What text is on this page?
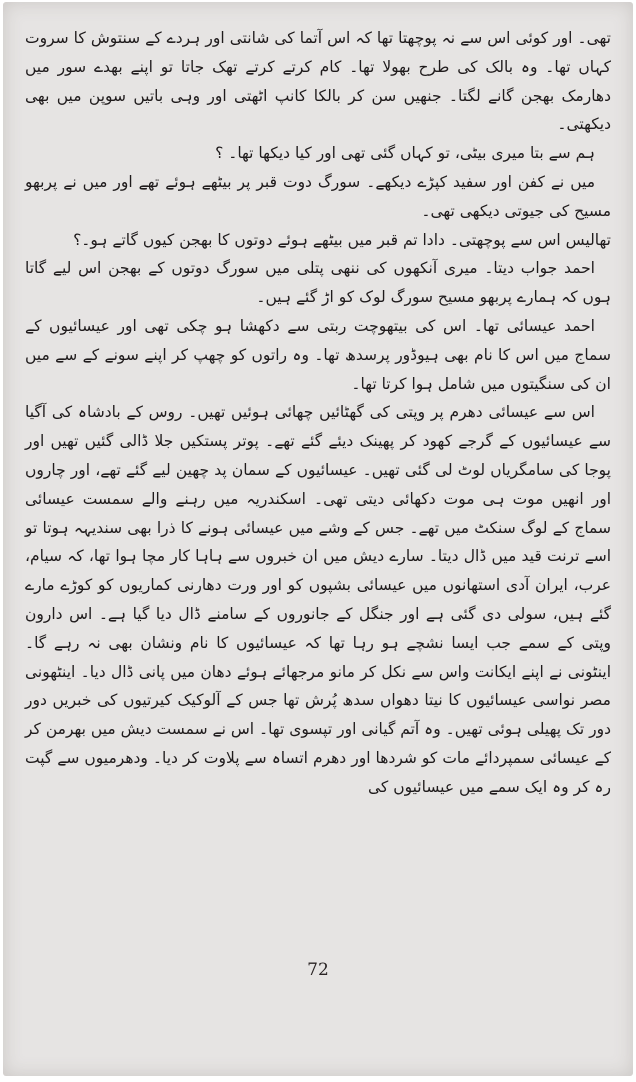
تھی۔ اور کوئی اس سے نہ پوچھتا تھا کہ اس آتما کی شانتی اور ہردے کے سنتوش کا سروت کہاں تھا۔ وہ بالک کی طرح بھولا تھا۔ کام کرتے کرتے تھک جاتا تو اپنے بھدے سور میں دھارمک بھجن گانے لگتا۔ جنھیں سن کر بالکا کانپ اٹھتی اور وہی باتیں سوپن میں بھی دیکھتی۔

ہم سے بتا میری بیٹی، تو کہاں گئی تھی اور کیا دیکھا تھا۔ ؟

میں نے کفن اور سفید کپڑے دیکھے۔ سورگ دوت قبر پر بیٹھے ہوئے تھے اور میں نے پربھو مسیح کی جیوتی دیکھی تھی۔

تھالیس اس سے پوچھتی۔ دادا تم قبر میں بیٹھے ہوئے دوتوں کا بھجن کیوں گاتے ہو۔؟

احمد جواب دیتا۔ میری آنکھوں کی ننھی پتلی میں سورگ دوتوں کے بھجن اس لیے گاتا ہوں کہ ہمارے پربھو مسیح سورگ لوک کو اڑ گئے ہیں۔

احمد عیسائی تھا۔ اس کی بیتھوچت ربتی سے دکھشا ہو چکی تھی اور عیسائیوں کے سماج میں اس کا نام بھی ہیوڈور پرسدھ تھا۔ وہ راتوں کو چھپ کر اپنے سونے کے سے میں ان کی سنگیتوں میں شامل ہوا کرتا تھا۔

اس سے عیسائی دھرم پر وپتی کی گھٹائیں چھائی ہوئیں تھیں۔ روس کے بادشاہ کی آگیا سے عیسائیوں کے گرجے کھود کر پھینک دیئے گئے تھے۔ پوتر پستکیں جلا ڈالی گئیں تھیں اور پوجا کی سامگریاں لوٹ لی گئی تھیں۔ عیسائیوں کے سمان پد چھین لیے گئے تھے، اور چاروں اور انھیں موت ہی موت دکھائی دیتی تھی۔ اسکندریہ میں رہنے والے سمست عیسائی سماج کے لوگ سنکٹ میں تھے۔ جس کے وشے میں عیسائی ہونے کا ذرا بھی سندیہہ ہوتا تو اسے ترنت قید میں ڈال دیتا۔ سارے دیش میں ان خبروں سے ہاہا کار مچا ہوا تھا، کہ سیام، عرب، ایران آدی استھانوں میں عیسائی بشپوں کو اور ورت دھارنی کماریوں کو کوڑے مارے گئے ہیں، سولی دی گئی ہے اور جنگل کے جانوروں کے سامنے ڈال دیا گیا ہے۔ اس دارون وپتی کے سمے جب ایسا نشچے ہو رہا تھا کہ عیسائیوں کا نام ونشان بھی نہ رہے گا۔ اینٹونی نے اپنے ایکانت واس سے نکل کر مانو مرجھائے ہوئے دھان میں پانی ڈال دیا۔ اینٹھونی مصر نواسی عیسائیوں کا نیتا دھواں سدھ پُرش تھا جس کے آلوکیک کیرتیوں کی خبریں دور دور تک پھیلی ہوئی تھیں۔ وہ آتم گیانی اور تپسوی تھا۔ اس نے سمست دیش میں بھرمن کر کے عیسائی سمپردائے مات کو شردھا اور دھرم اتساہ سے پلاوت کر دیا۔ ودھرمیوں سے گپت رہ کر وہ ایک سمے میں عیسائیوں کی

72
